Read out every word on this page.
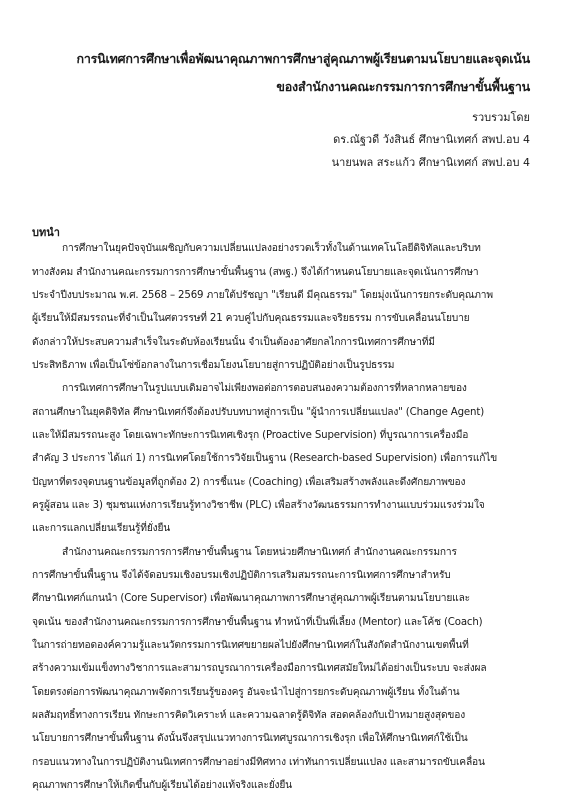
การนิเทศการศึกษาเพื่อพัฒนาคุณภาพการศึกษาสู่คุณภาพผู้เรียนตามนโยบายและจุดเน้น
ของสำนักงานคณะกรรมการการศึกษาขั้นพื้นฐาน
รวบรวมโดย
ดร.ณัฐวดี วังสินธ์ ศึกษานิเทศก์ สพป.อบ 4
นายนพล สระแก้ว ศึกษานิเทศก์ สพป.อบ 4
บทนำ
การศึกษาในยุคปัจจุบันเผชิญกับความเปลี่ยนแปลงอย่างรวดเร็วทั้งในด้านเทคโนโลยีดิจิทัลและบริบท
ทางสังคม สำนักงานคณะกรรมการการศึกษาขั้นพื้นฐาน (สพฐ.) จึงได้กำหนดนโยบายและจุดเน้นการศึกษา
ประจำปีงบประมาณ พ.ศ. 2568 – 2569 ภายใต้ปรัชญา "เรียนดี มีคุณธรรม" โดยมุ่งเน้นการยกระดับคุณภาพ
ผู้เรียนให้มีสมรรถนะที่จำเป็นในศตวรรษที่ 21 ควบคู่ไปกับคุณธรรมและจริยธรรม การขับเคลื่อนนโยบาย
ดังกล่าวให้ประสบความสำเร็จในระดับห้องเรียนนั้น จำเป็นต้องอาศัยกลไกการนิเทศการศึกษาที่มี
ประสิทธิภาพ เพื่อเป็นโซ่ข้อกลางในการเชื่อมโยงนโยบายสู่การปฏิบัติอย่างเป็นรูปธรรม
การนิเทศการศึกษาในรูปแบบเดิมอาจไม่เพียงพอต่อการตอบสนองความต้องการที่หลากหลายของ
สถานศึกษาในยุคดิจิทัล ศึกษานิเทศก์จึงต้องปรับบทบาทสู่การเป็น "ผู้นำการเปลี่ยนแปลง" (Change Agent)
และให้มีสมรรถนะสูง โดยเฉพาะทักษะการนิเทศเชิงรุก (Proactive Supervision) ที่บูรณาการเครื่องมือ
สำคัญ 3 ประการ ได้แก่ 1) การนิเทศโดยใช้การวิจัยเป็นฐาน (Research-based Supervision) เพื่อการแก้ไข
ปัญหาที่ตรงจุดบนฐานข้อมูลที่ถูกต้อง 2) การชี้แนะ (Coaching) เพื่อเสริมสร้างพลังและดึงศักยภาพของ
ครูผู้สอน และ 3) ชุมชนแห่งการเรียนรู้ทางวิชาชีพ (PLC) เพื่อสร้างวัฒนธรรมการทำงานแบบร่วมแรงร่วมใจ
และการแลกเปลี่ยนเรียนรู้ที่ยั่งยืน
สำนักงานคณะกรรมการการศึกษาขั้นพื้นฐาน โดยหน่วยศึกษานิเทศก์ สำนักงานคณะกรรมการ
การศึกษาขั้นพื้นฐาน จึงได้จัดอบรมเชิงอบรมเชิงปฏิบัติการเสริมสมรรถนะการนิเทศการศึกษาสำหรับ
ศึกษานิเทศก์แกนนำ (Core Supervisor) เพื่อพัฒนาคุณภาพการศึกษาสู่คุณภาพผู้เรียนตามนโยบายและ
จุดเน้น ของสำนักงานคณะกรรมการการศึกษาขั้นพื้นฐาน ทำหน้าที่เป็นพี่เลี้ยง (Mentor) และโค้ช (Coach)
ในการถ่ายทอดองค์ความรู้และนวัตกรรมการนิเทศขยายผลไปยังศึกษานิเทศก์ในสังกัดสำนักงานเขตพื้นที่
สร้างความเข้มแข็งทางวิชาการและสามารถบูรณาการเครื่องมือการนิเทศสมัยใหม่ได้อย่างเป็นระบบ จะส่งผล
โดยตรงต่อการพัฒนาคุณภาพจัดการเรียนรู้ของครู อันจะนำไปสู่การยกระดับคุณภาพผู้เรียน ทั้งในด้าน
ผลสัมฤทธิ์ทางการเรียน ทักษะการคิดวิเคราะห์ และความฉลาดรู้ดิจิทัล สอดคล้องกับเป้าหมายสูงสุดของ
นโยบายการศึกษาขั้นพื้นฐาน ดังนั้นจึงสรุปแนวทางการนิเทศบูรณาการเชิงรุก เพื่อให้ศึกษานิเทศก์ใช้เป็น
กรอบแนวทางในการปฏิบัติงานนิเทศการศึกษาอย่างมีทิศทาง เท่าทันการเปลี่ยนแปลง และสามารถขับเคลื่อน
คุณภาพการศึกษาให้เกิดขึ้นกับผู้เรียนได้อย่างแท้จริงและยั่งยืน
